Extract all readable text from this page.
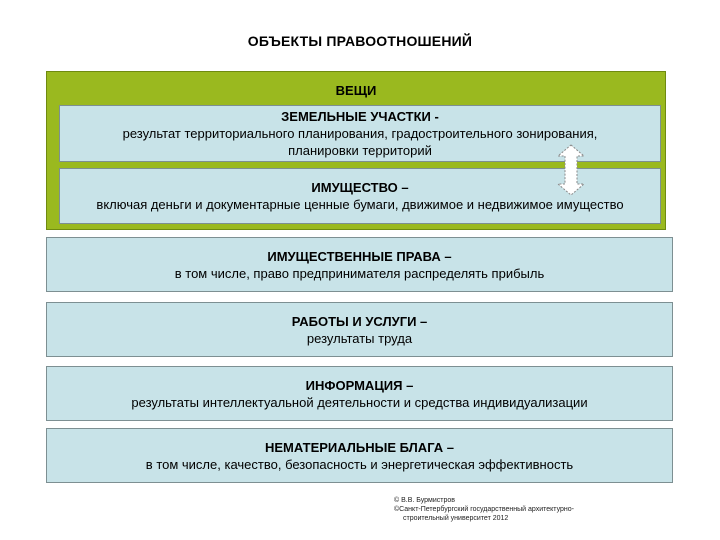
ОБЪЕКТЫ ПРАВООТНОШЕНИЙ
ВЕЩИ
ЗЕМЕЛЬНЫЕ УЧАСТКИ -
результат территориального планирования, градостроительного зонирования,
планировки территорий
ИМУЩЕСТВО –
включая деньги и документарные ценные бумаги, движимое и недвижимое имущество
ИМУЩЕСТВЕННЫЕ ПРАВА –
в том числе, право предпринимателя распределять прибыль
РАБОТЫ И УСЛУГИ –
результаты труда
ИНФОРМАЦИЯ –
результаты интеллектуальной деятельности и средства индивидуализации
НЕМАТЕРИАЛЬНЫЕ БЛАГА –
в том числе, качество, безопасность и энергетическая эффективность
© В.В. Бурмистров
©Санкт-Петербургский государственный архитектурно-
строительный университет 2012
